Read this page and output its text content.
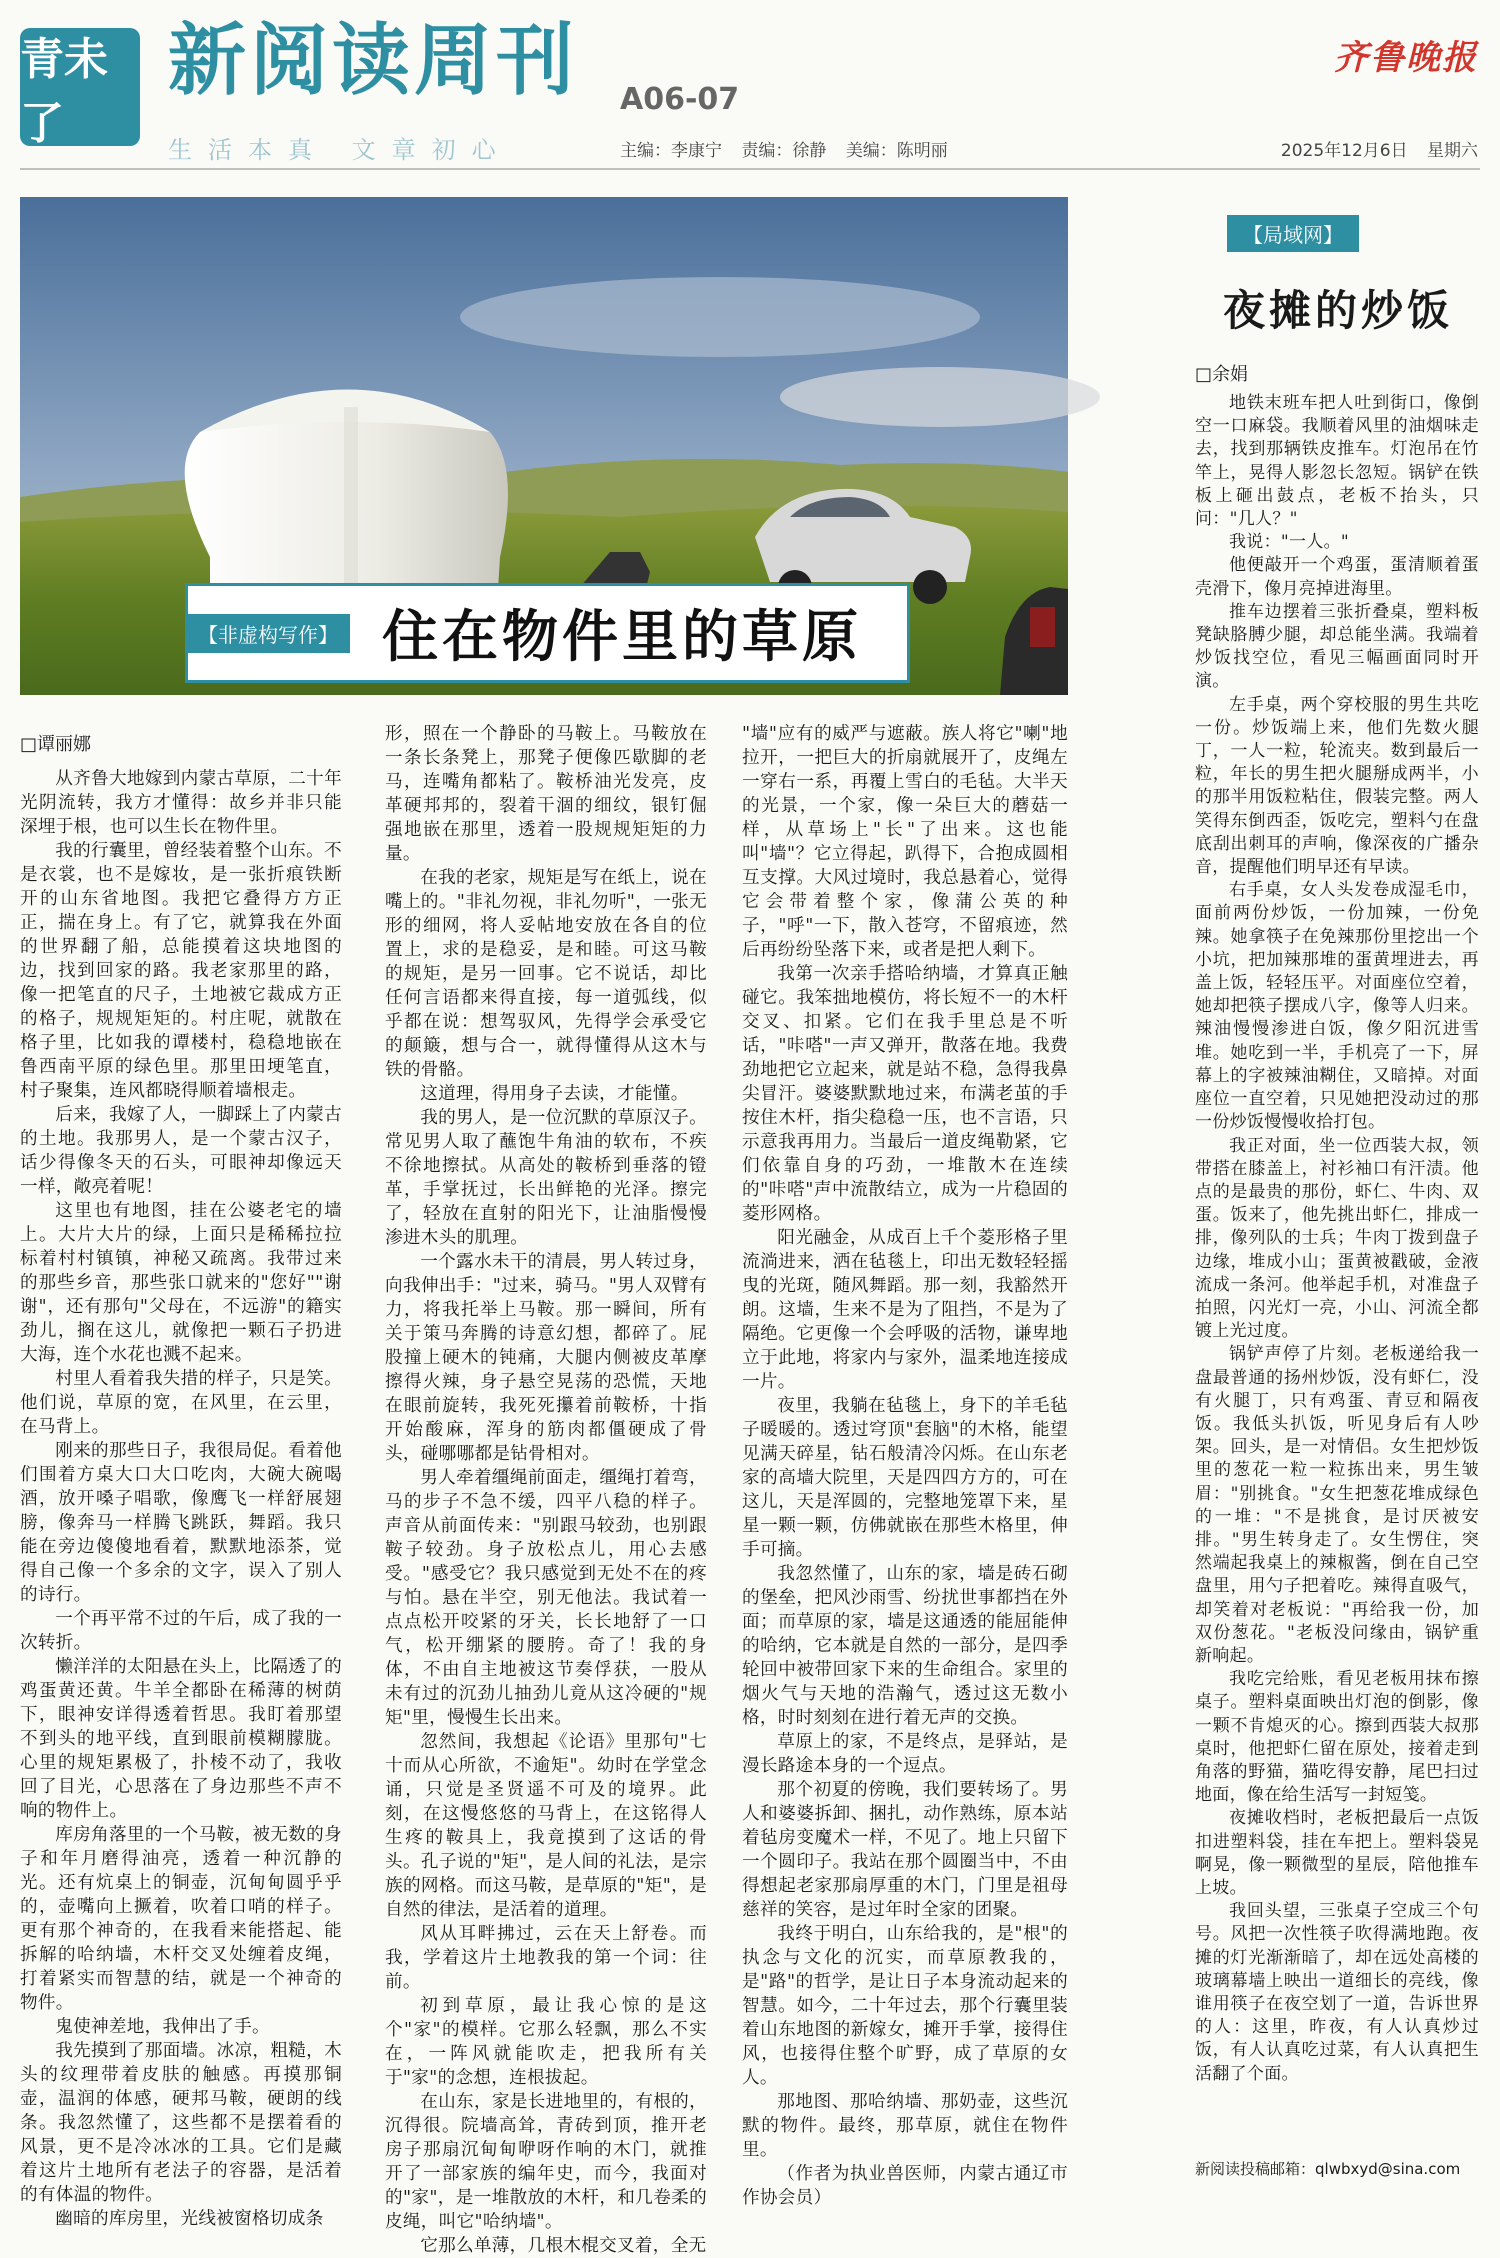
青未了
新阅读周刊 A06-07
生活本真 文章初心
齐鲁晚报
主编：李康宁 责编：徐静 美编：陈明丽	2025年12月6日 星期六
【非虚构写作】 住在物件里的草原
□谭丽娜

从齐鲁大地嫁到内蒙古草原，二十年光阴流转，我方才懂得：故乡并非只能深埋于根，也可以生长在物件里。

我的行囊里，曾经装着整个山东。不是衣裳，也不是嫁妆，是一张折痕铁断开的山东省地图。我把它叠得方方正正，揣在身上。有了它，就算我在外面的世界翻了船，总能摸着这块地图的边，找到回家的路。我老家那里的路，像一把笔直的尺子，土地被它裁成方正的格子，规规矩矩的。村庄呢，就散在格子里，比如我的谭楼村，稳稳地嵌在鲁西南平原的绿色里。那里田埂笔直，村子聚集，连风都晓得顺着墙根走。

后来，我嫁了人，一脚踩上了内蒙古的土地。我那男人，是一个蒙古汉子，话少得像冬天的石头，可眼神却像远天一样，敞亮着呢！

这里也有地图，挂在公婆老宅的墙上。大片大片的绿，上面只是稀稀拉拉标着村村镇镇，神秘又疏离。我带过来的那些乡音，那些张口就来的"您好""谢谢"，还有那句"父母在，不远游"的籍实劲儿，搁在这儿，就像把一颗石子扔进大海，连个水花也溅不起来。

村里人看着我失措的样子，只是笑。他们说，草原的宽，在风里，在云里，在马背上。

刚来的那些日子，我很局促。看着他们围着方桌大口大口吃肉，大碗大碗喝酒，放开嗓子唱歌，像鹰飞一样舒展翅膀，像奔马一样腾飞跳跃，舞蹈。我只能在旁边傻傻地看着，默默地添茶，觉得自己像一个多余的文字，误入了别人的诗行。

一个再平常不过的午后，成了我的一次转折。

懒洋洋的太阳悬在头上，比隔透了的鸡蛋黄还黄。牛羊全都卧在稀薄的树荫下，眼神安详得透着哲思。我盯着那望不到头的地平线，直到眼前模糊朦胧。心里的规矩累极了，扑棱不动了，我收回了目光，心思落在了身边那些不声不响的物件上。

库房角落里的一个马鞍，被无数的身子和年月磨得油亮，透着一种沉静的光。还有炕桌上的铜壶，沉甸甸圆乎乎的，壶嘴向上撅着，吹着口哨的样子。更有那个神奇的，在我看来能搭起、能拆解的哈纳墙，木杆交叉处缠着皮绳，打着紧实而智慧的结，就是一个神奇的物件。

鬼使神差地，我伸出了手。

我先摸到了那面墙。冰凉，粗糙，木头的纹理带着皮肤的触感。再摸那铜壶，温润的体感，硬邦马鞍，硬朗的线条。我忽然懂了，这些都不是摆着看的风景，更不是冷冰冰的工具。它们是藏着这片土地所有老法子的容器，是活着的有体温的物件。

幽暗的库房里，光线被窗格切成条

形，照在一个静卧的马鞍上。马鞍放在一条长条凳上，那凳子便像匹歇脚的老马，连嘴角都粘了。鞍桥油光发亮，皮革硬邦邦的，裂着干涸的细纹，银钉倔强地嵌在那里，透着一股规规矩矩的力量。

在我的老家，规矩是写在纸上，说在嘴上的。"非礼勿视，非礼勿听"，一张无形的细网，将人妥帖地安放在各自的位置上，求的是稳妥，是和睦。可这马鞍的规矩，是另一回事。它不说话，却比任何言语都来得直接，每一道弧线，似乎都在说：想驾驭风，先得学会承受它的颠簸，想与合一，就得懂得从这木与铁的骨骼。

这道理，得用身子去读，才能懂。

我的男人，是一位沉默的草原汉子。常见男人取了蘸饱牛角油的软布，不疾不徐地擦拭。从高处的鞍桥到垂落的镫革，手掌抚过，长出鲜艳的光泽。擦完了，轻放在直射的阳光下，让油脂慢慢渗进木头的肌理。

一个露水未干的清晨，男人转过身，向我伸出手："过来，骑马。"男人双臂有力，将我托举上马鞍。那一瞬间，所有关于策马奔腾的诗意幻想，都碎了。屁股撞上硬木的钝痛，大腿内侧被皮革摩擦得火辣，身子悬空晃荡的恐慌，天地在眼前旋转，我死死攥着前鞍桥，十指开始酸麻，浑身的筋肉都僵硬成了骨头，碰哪哪都是钻骨相对。

男人牵着缰绳前面走，缰绳打着弯，马的步子不急不缓，四平八稳的样子。声音从前面传来："别跟马较劲，也别跟鞍子较劲。身子放松点儿，用心去感受。"感受它？我只感觉到无处不在的疼与怕。悬在半空，别无他法。我试着一点点松开咬紧的牙关，长长地舒了一口气，松开绷紧的腰胯。奇了！我的身体，不由自主地被这节奏俘获，一股从未有过的沉劲儿抽劲儿竟从这冷硬的"规矩"里，慢慢生长出来。

忽然间，我想起《论语》里那句"七十而从心所欲，不逾矩"。幼时在学堂念诵，只觉是圣贤遥不可及的境界。此刻，在这慢悠悠的马背上，在这铭得人生疼的鞍具上，我竟摸到了这话的骨头。孔子说的"矩"，是人间的礼法，是宗族的网格。而这马鞍，是草原的"矩"，是自然的律法，是活着的道理。

风从耳畔拂过，云在天上舒卷。而我，学着这片土地教我的第一个词：往前。

初到草原，最让我心惊的是这个"家"的模样。它那么轻飘，那么不实在，一阵风就能吹走，把我所有关于"家"的念想，连根拔起。

在山东，家是长进地里的，有根的，沉得很。院墙高耸，青砖到顶，推开老房子那扇沉甸甸咿呀作响的木门，就推开了一部家族的编年史，而今，我面对的"家"，是一堆散放的木杆，和几卷柔的皮绳，叫它"哈纳墙"。

它那么单薄，几根木棍交叉着，全无

"墙"应有的威严与遮蔽。族人将它"喇"地拉开，一把巨大的折扇就展开了，皮绳左一穿右一系，再覆上雪白的毛毡。大半天的光景，一个家，像一朵巨大的蘑菇一样，从草场上"长"了出来。这也能叫"墙"？它立得起，趴得下，合抱成圆相互支撑。大风过境时，我总悬着心，觉得它会带着整个家，像蒲公英的种子，"呼"一下，散入苍穹，不留痕迹，然后再纷纷坠落下来，或者是把人剩下。

我第一次亲手搭哈纳墙，才算真正触碰它。我笨拙地模仿，将长短不一的木杆交叉、扣紧。它们在我手里总是不听话，"咔嗒"一声又弹开，散落在地。我费劲地把它立起来，就是站不稳，急得我鼻尖冒汗。婆婆默默地过来，布满老茧的手按住木杆，指尖稳稳一压，也不言语，只示意我再用力。当最后一道皮绳勒紧，它们依靠自身的巧劲，一堆散木在连续的"咔嗒"声中流散结立，成为一片稳固的菱形网格。

阳光融金，从成百上千个菱形格子里流淌进来，洒在毡毯上，印出无数轻轻摇曳的光斑，随风舞蹈。那一刻，我豁然开朗。这墙，生来不是为了阻挡，不是为了隔绝。它更像一个会呼吸的活物，谦卑地立于此地，将家内与家外，温柔地连接成一片。

夜里，我躺在毡毯上，身下的羊毛毡子暖暖的。透过穹顶"套脑"的木格，能望见满天碎星，钻石般清冷闪烁。在山东老家的高墙大院里，天是四四方方的，可在这儿，天是浑圆的，完整地笼罩下来，星星一颗一颗，仿佛就嵌在那些木格里，伸手可摘。

我忽然懂了，山东的家，墙是砖石砌的堡垒，把风沙雨雪、纷扰世事都挡在外面；而草原的家，墙是这通透的能屈能伸的哈纳，它本就是自然的一部分，是四季轮回中被带回家下来的生命组合。家里的烟火气与天地的浩瀚气，透过这无数小格，时时刻刻在进行着无声的交换。

草原上的家，不是终点，是驿站，是漫长路途本身的一个逗点。

那个初夏的傍晚，我们要转场了。男人和婆婆拆卸、捆扎，动作熟练，原本站着毡房变魔术一样，不见了。地上只留下一个圆印子。我站在那个圆圈当中，不由得想起老家那扇厚重的木门，门里是祖母慈祥的笑容，是过年时全家的团聚。

我终于明白，山东给我的，是"根"的执念与文化的沉实，而草原教我的，是"路"的哲学，是让日子本身流动起来的智慧。如今，二十年过去，那个行囊里装着山东地图的新嫁女，摊开手掌，接得住风，也接得住整个旷野，成了草原的女人。

那地图、那哈纳墙、那奶壶，这些沉默的物件。最终，那草原，就住在物件里。

（作者为执业兽医师，内蒙古通辽市作协会员）

【局域网】
夜摊的炒饭
□余娟

地铁末班车把人吐到街口，像倒空一口麻袋。我顺着风里的油烟味走去，找到那辆铁皮推车。灯泡吊在竹竿上，晃得人影忽长忽短。锅铲在铁板上砸出鼓点，老板不抬头，只问："几人？"

我说："一人。"

他便敲开一个鸡蛋，蛋清顺着蛋壳滑下，像月亮掉进海里。

推车边摆着三张折叠桌，塑料板凳缺胳膊少腿，却总能坐满。我端着炒饭找空位，看见三幅画面同时开演。

左手桌，两个穿校服的男生共吃一份。炒饭端上来，他们先数火腿丁，一人一粒，轮流夹。数到最后一粒，年长的男生把火腿掰成两半，小的那半用饭粒粘住，假装完整。两人笑得东倒西歪，饭吃完，塑料勺在盘底刮出刺耳的声响，像深夜的广播杂音，提醒他们明早还有早读。

右手桌，女人头发卷成湿毛巾，面前两份炒饭，一份加辣，一份免辣。她拿筷子在免辣那份里挖出一个小坑，把加辣那堆的蛋黄埋进去，再盖上饭，轻轻压平。对面座位空着，她却把筷子摆成八字，像等人归来。辣油慢慢渗进白饭，像夕阳沉进雪堆。她吃到一半，手机亮了一下，屏幕上的字被辣油糊住，又暗掉。对面座位一直空着，只见她把没动过的那一份炒饭慢慢收拾打包。

我正对面，坐一位西装大叔，领带搭在膝盖上，衬衫袖口有汗渍。他点的是最贵的那份，虾仁、牛肉、双蛋。饭来了，他先挑出虾仁，排成一排，像列队的士兵；牛肉丁拨到盘子边缘，堆成小山；蛋黄被戳破，金液流成一条河。他举起手机，对准盘子拍照，闪光灯一亮，小山、河流全都镀上光过度。

锅铲声停了片刻。老板递给我一盘最普通的扬州炒饭，没有虾仁，没有火腿丁，只有鸡蛋、青豆和隔夜饭。我低头扒饭，听见身后有人吵架。回头，是一对情侣。女生把炒饭里的葱花一粒一粒拣出来，男生皱眉："别挑食。"女生把葱花堆成绿色的一堆："不是挑食，是讨厌被安排。"男生转身走了。女生愣住，突然端起我桌上的辣椒酱，倒在自己空盘里，用勺子把着吃。辣得直吸气，却笑着对老板说："再给我一份，加双份葱花。"老板没问缘由，锅铲重新响起。

我吃完给账，看见老板用抹布擦桌子。塑料桌面映出灯泡的倒影，像一颗不肯熄灭的心。擦到西装大叔那桌时，他把虾仁留在原处，接着走到角落的野猫，猫吃得安静，尾巴扫过地面，像在给生活写一封短笺。

夜摊收档时，老板把最后一点饭扣进塑料袋，挂在车把上。塑料袋晃啊晃，像一颗微型的星辰，陪他推车上坡。

我回头望，三张桌子空成三个句号。风把一次性筷子吹得满地跑。夜摊的灯光渐渐暗了，却在远处高楼的玻璃幕墙上映出一道细长的亮线，像谁用筷子在夜空划了一道，告诉世界的人：这里，昨夜，有人认真炒过饭，有人认真吃过菜，有人认真把生活翻了个面。

新阅读投稿邮箱：qlwbxyd@sina.com
